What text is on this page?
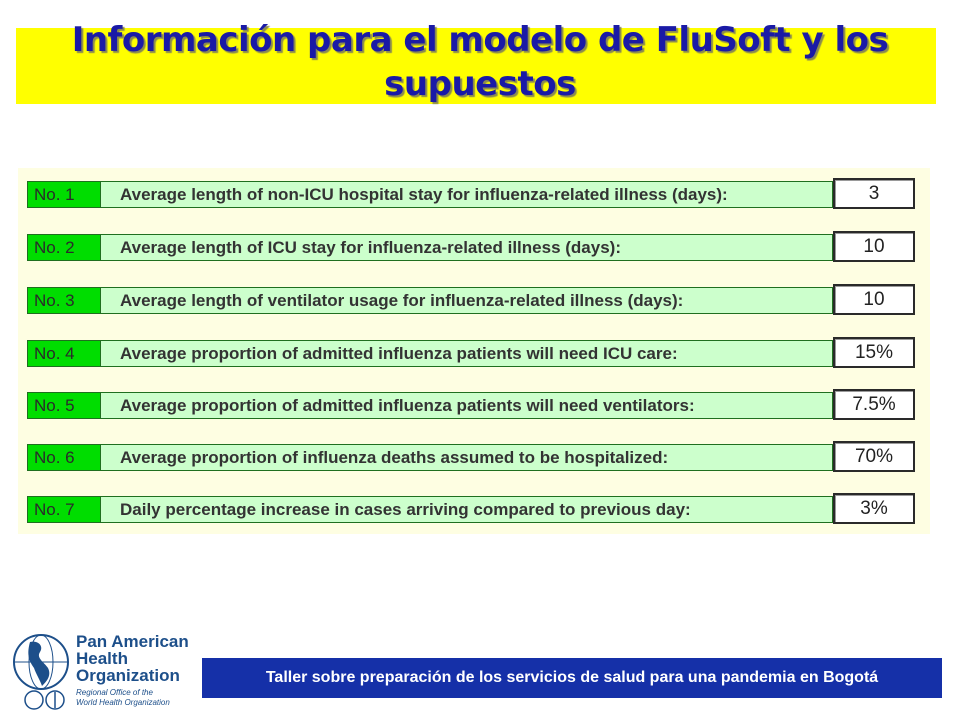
Información para el modelo de FluSoft y los supuestos
No. 1	Average length of non-ICU hospital stay for influenza-related illness (days):	3
No. 2	Average length of ICU stay for influenza-related illness (days):	10
No. 3	Average length of ventilator usage for influenza-related illness (days):	10
No. 4	Average proportion of admitted influenza patients will need ICU care:	15%
No. 5	Average proportion of admitted influenza patients will need ventilators:	7.5%
No. 6	Average proportion of influenza deaths assumed to be hospitalized:	70%
No. 7	Daily percentage increase in cases arriving compared to previous day:	3%
Pan American
Health
Organization
Regional Office of the
World Health Organization
Taller sobre preparación de los servicios de salud para una pandemia en Bogotá
